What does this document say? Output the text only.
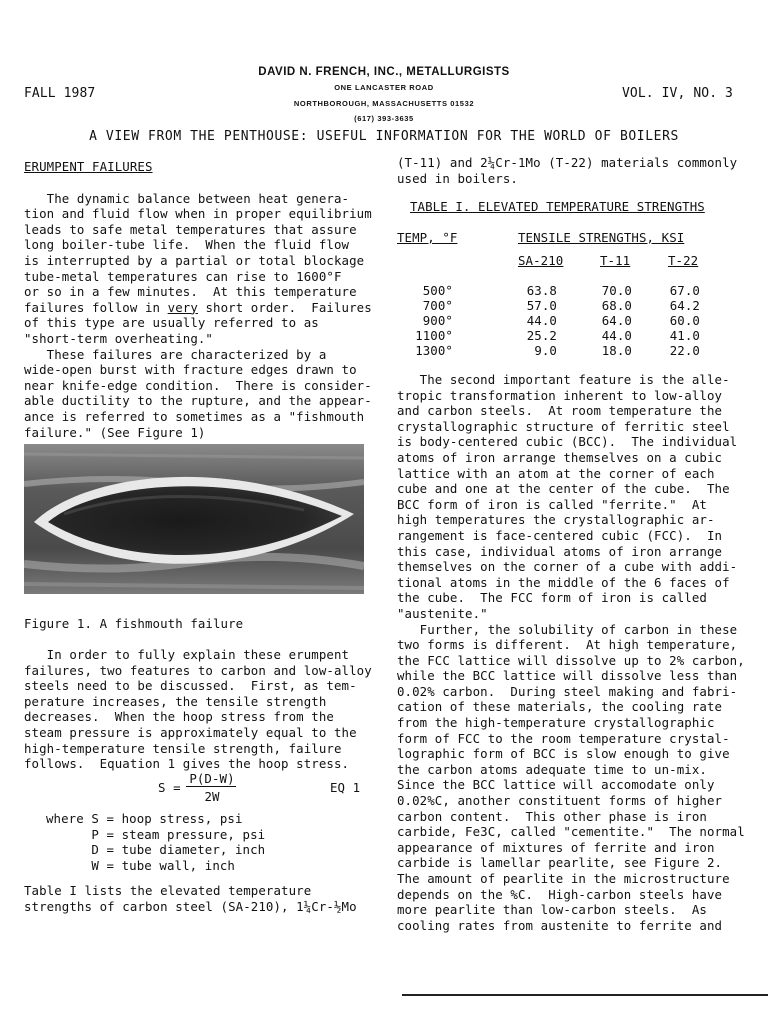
DAVID N. FRENCH, INC., METALLURGISTS
ONE LANCASTER ROAD
NORTHBOROUGH, MASSACHUSETTS 01532
(617) 393-3635
FALL 1987	VOL. IV, NO. 3
A VIEW FROM THE PENTHOUSE: USEFUL INFORMATION FOR THE WORLD OF BOILERS

ERUMPENT FAILURES

The dynamic balance between heat genera-

tion and fluid flow when in proper equilibrium

leads to safe metal temperatures that assure

long boiler-tube life.  When the fluid flow

is interrupted by a partial or total blockage

tube-metal temperatures can rise to 1600°F

or so in a few minutes.  At this temperature

failures follow in very short order.  Failures

of this type are usually referred to as

"short-term overheating."

These failures are characterized by a

wide-open burst with fracture edges drawn to

near knife-edge condition.  There is consider-

able ductility to the rupture, and the appear-

ance is referred to sometimes as a "fishmouth

failure." (See Figure 1)

Figure 1. A fishmouth failure

In order to fully explain these erumpent

failures, two features to carbon and low-alloy

steels need to be discussed.  First, as tem-

perature increases, the tensile strength

decreases.  When the hoop stress from the

steam pressure is approximately equal to the

high-temperature tensile strength, failure

follows.  Equation 1 gives the hoop stress.

S =
P(D-W)
2W
EQ 1

where S = hoop stress, psi

P = steam pressure, psi

D = tube diameter, inch

W = tube wall, inch

Table I lists the elevated temperature

strengths of carbon steel (SA-210), 1¼Cr-½Mo

(T-11) and 2¼Cr-1Mo (T-22) materials commonly

used in boilers.

TABLE I. ELEVATED TEMPERATURE STRENGTHS
TEMP, °F	TENSILE STRENGTHS, KSI
SA-210	T-11	T-22
500°	63.8	70.0	67.0
700°	57.0	68.0	64.2
900°	44.0	64.0	60.0
1100°	25.2	44.0	41.0
1300°	9.0	18.0	22.0

The second important feature is the alle-

tropic transformation inherent to low-alloy

and carbon steels.  At room temperature the

crystallographic structure of ferritic steel

is body-centered cubic (BCC).  The individual

atoms of iron arrange themselves on a cubic

lattice with an atom at the corner of each

cube and one at the center of the cube.  The

BCC form of iron is called "ferrite."  At

high temperatures the crystallographic ar-

rangement is face-centered cubic (FCC).  In

this case, individual atoms of iron arrange

themselves on the corner of a cube with addi-

tional atoms in the middle of the 6 faces of

the cube.  The FCC form of iron is called

"austenite."

Further, the solubility of carbon in these

two forms is different.  At high temperature,

the FCC lattice will dissolve up to 2% carbon,

while the BCC lattice will dissolve less than

0.02% carbon.  During steel making and fabri-

cation of these materials, the cooling rate

from the high-temperature crystallographic

form of FCC to the room temperature crystal-

lographic form of BCC is slow enough to give

the carbon atoms adequate time to un-mix.

Since the BCC lattice will accomodate only

0.02%C, another constituent forms of higher

carbon content.  This other phase is iron

carbide, Fe3C, called "cementite."  The normal

appearance of mixtures of ferrite and iron

carbide is lamellar pearlite, see Figure 2.

The amount of pearlite in the microstructure

depends on the %C.  High-carbon steels have

more pearlite than low-carbon steels.  As

cooling rates from austenite to ferrite and
